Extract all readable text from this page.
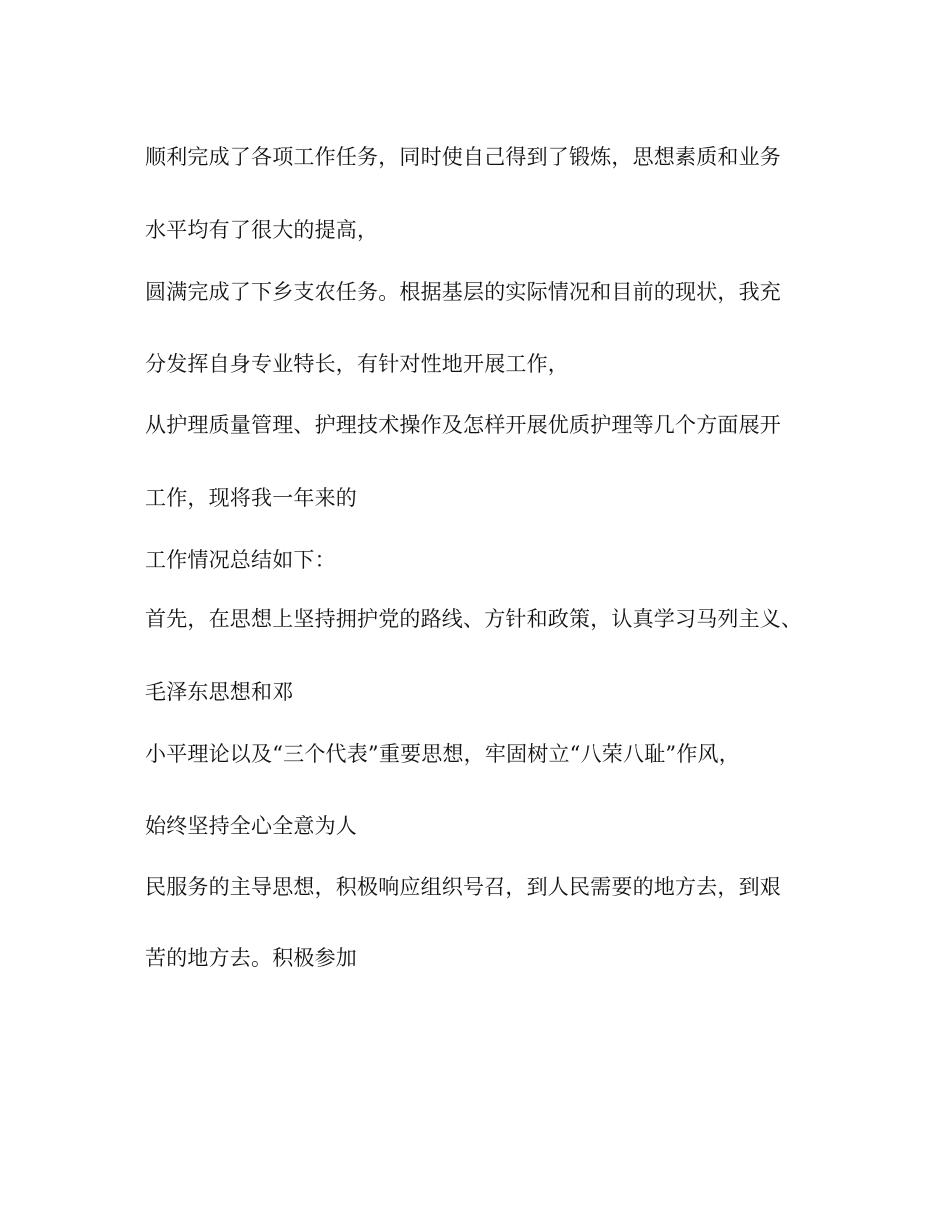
顺利完成了各项工作任务，同时使自己得到了锻炼，思想素质和业务

水平均有了很大的提高，

圆满完成了下乡支农任务。根据基层的实际情况和目前的现状，我充

分发挥自身专业特长，有针对性地开展工作，

从护理质量管理、护理技术操作及怎样开展优质护理等几个方面展开

工作，现将我一年来的

工作情况总结如下：

首先，在思想上坚持拥护党的路线、方针和政策，认真学习马列主义、

毛泽东思想和邓

小平理论以及“三个代表”重要思想，牢固树立“八荣八耻”作风，

始终坚持全心全意为人

民服务的主导思想，积极响应组织号召，到人民需要的地方去，到艰

苦的地方去。积极参加
